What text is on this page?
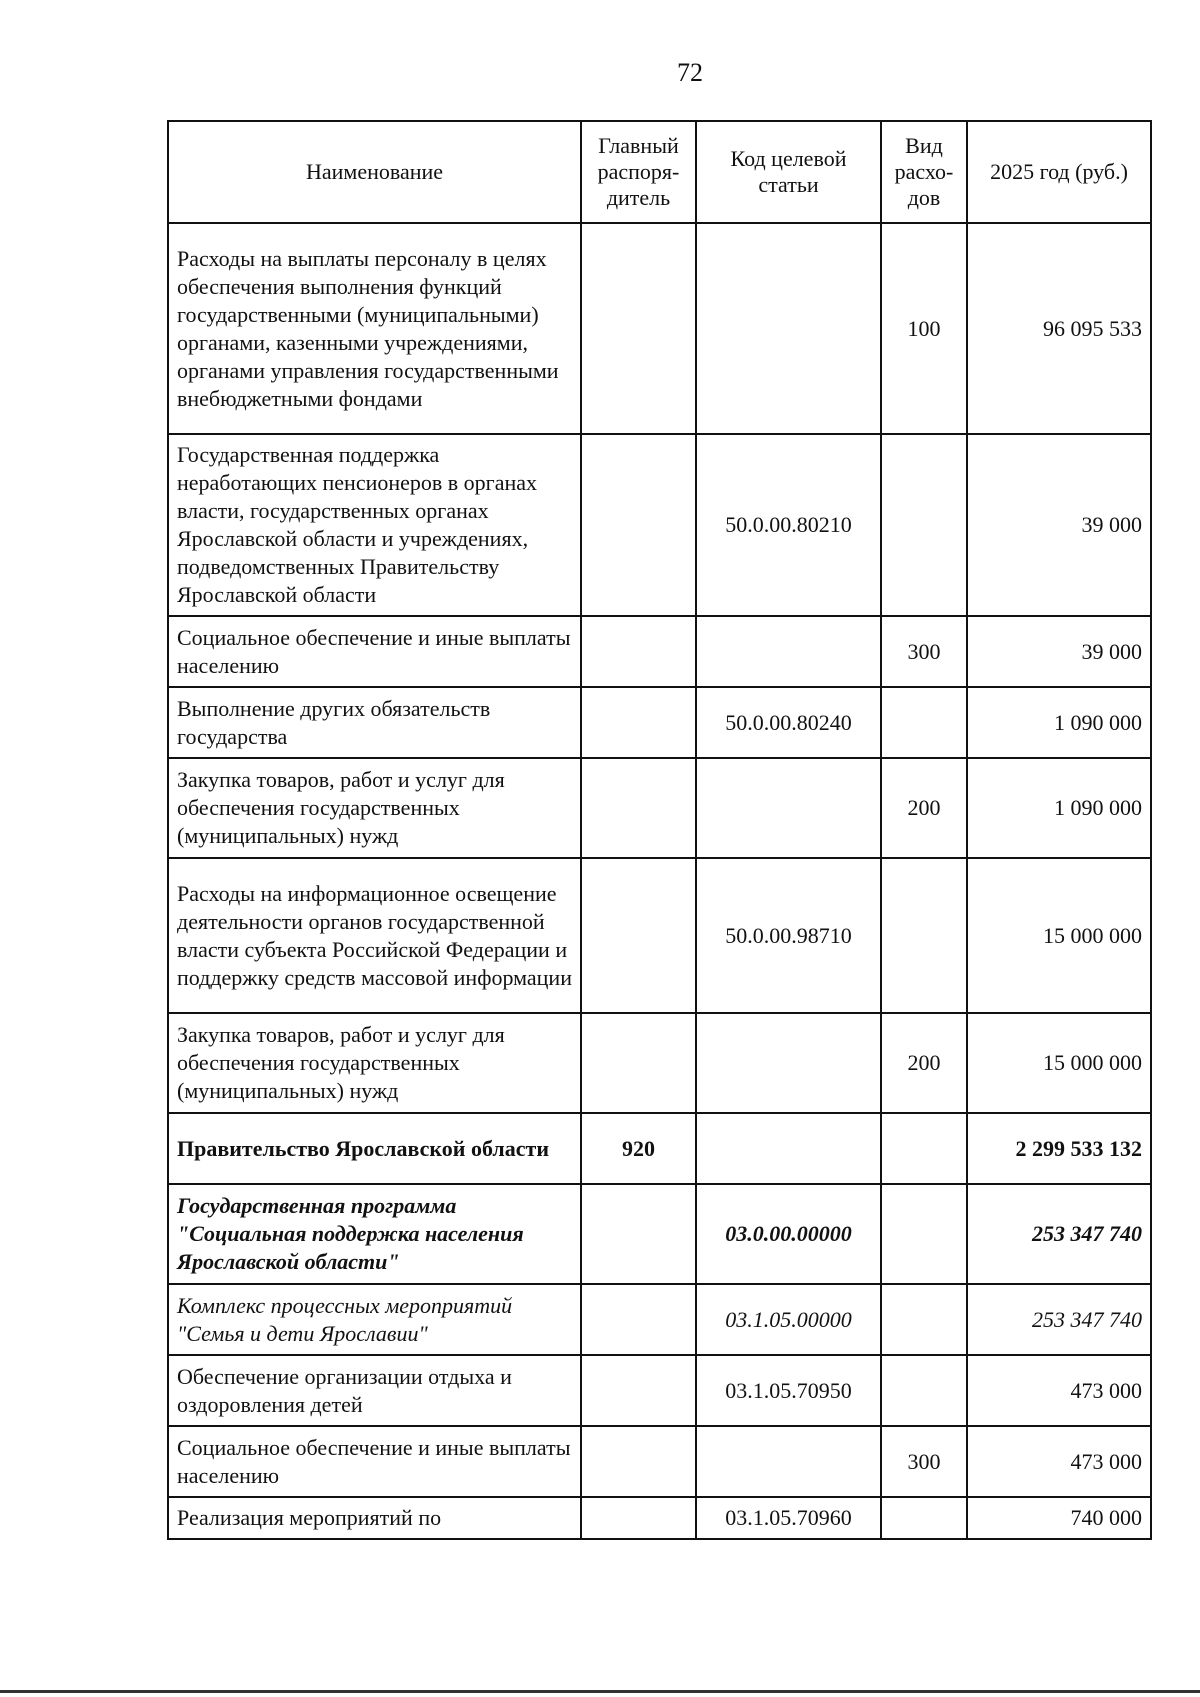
72
Наименование	Главный распоря-дитель	Код целевой статьи	Вид расхо-дов	2025 год (руб.)
Расходы на выплаты персоналу в целях обеспечения выполнения функций государственными (муниципальными) органами, казенными учреждениями, органами управления государственными внебюджетными фондами			100	96 095 533
Государственная поддержка неработающих пенсионеров в органах власти, государственных органах Ярославской области и учреждениях, подведомственных Правительству Ярославской области		50.0.00.80210		39 000
Социальное обеспечение и иные выплаты населению			300	39 000
Выполнение других обязательств государства		50.0.00.80240		1 090 000
Закупка товаров, работ и услуг для обеспечения государственных (муниципальных) нужд			200	1 090 000
Расходы на информационное освещение деятельности органов государственной власти субъекта Российской Федерации и поддержку средств массовой информации		50.0.00.98710		15 000 000
Закупка товаров, работ и услуг для обеспечения государственных (муниципальных) нужд			200	15 000 000
Правительство Ярославской области	920			2 299 533 132
Государственная программа "Социальная поддержка населения Ярославской области"		03.0.00.00000		253 347 740
Комплекс процессных мероприятий "Семья и дети Ярославии"		03.1.05.00000		253 347 740
Обеспечение организации отдыха и оздоровления детей		03.1.05.70950		473 000
Социальное обеспечение и иные выплаты населению			300	473 000
Реализация мероприятий по		03.1.05.70960		740 000
